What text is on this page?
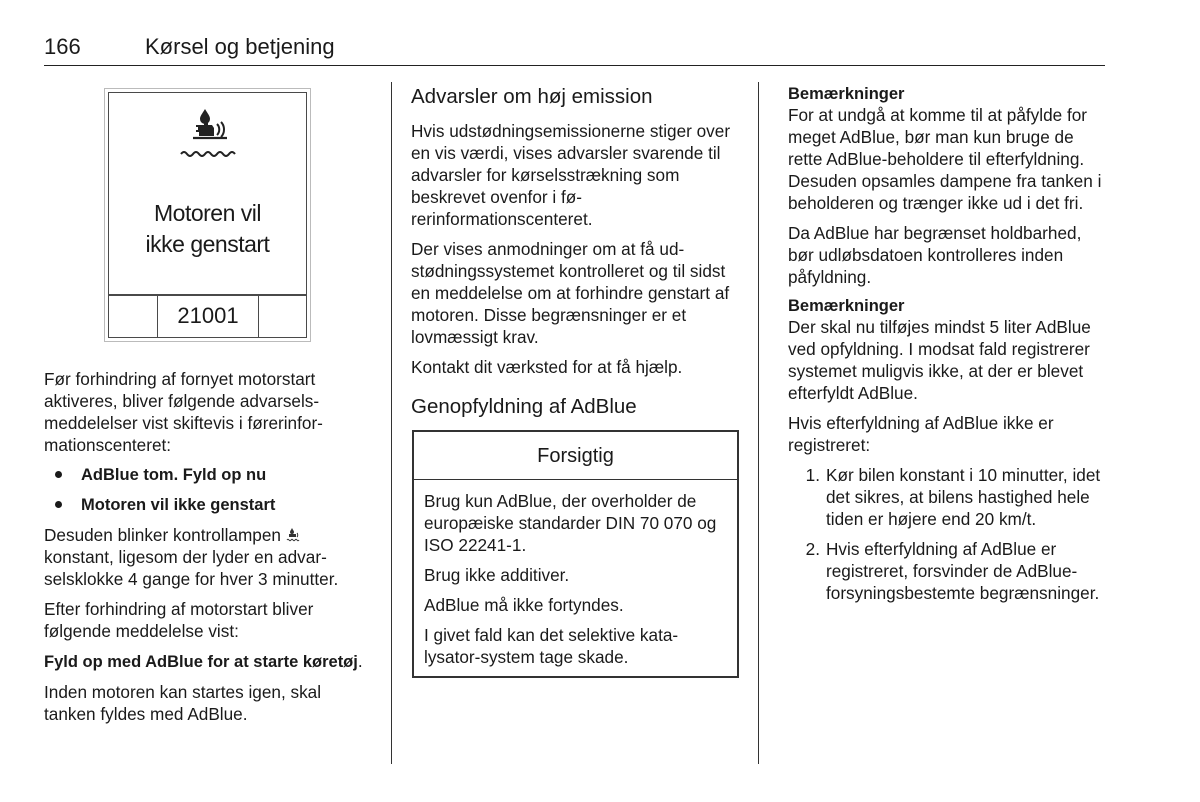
166	Kørsel og betjening
Motoren vil
ikke genstart
21001

Før forhindring af fornyet motorstart aktiveres, bliver følgende advarselsmeddelelser vist skiftevis i førerinformationscenteret:

AdBlue tom. Fyld op nu
Motoren vil ikke genstart

Desuden blinker kontrollampen  konstant, ligesom der lyder en advarselsklokke 4 gange for hver 3 minutter.

Efter forhindring af motorstart bliver følgende meddelelse vist:

Fyld op med AdBlue for at starte køretøj.

Inden motoren kan startes igen, skal tanken fyldes med AdBlue.

Advarsler om høj emission

Hvis udstødningsemissionerne stiger over en vis værdi, vises advarsler svarende til advarsler for kørselsstrækning som beskrevet ovenfor i førerinformationscenteret.

Der vises anmodninger om at få udstødningssystemet kontrolleret og til sidst en meddelelse om at forhindre genstart af motoren. Disse begrænsninger er et lovmæssigt krav.

Kontakt dit værksted for at få hjælp.

Genopfyldning af AdBlue
Forsigtig

Brug kun AdBlue, der overholder de europæiske standarder DIN 70 070 og ISO 22241-1.

Brug ikke additiver.

AdBlue må ikke fortyndes.

I givet fald kan det selektive katalysator-system tage skade.

Bemærkninger

For at undgå at komme til at påfylde for meget AdBlue, bør man kun bruge de rette AdBlue-beholdere til efterfyldning. Desuden opsamles dampene fra tanken i beholderen og trænger ikke ud i det fri.

Da AdBlue har begrænset holdbarhed, bør udløbsdatoen kontrolleres inden påfyldning.

Bemærkninger

Der skal nu tilføjes mindst 5 liter AdBlue ved opfyldning. I modsat fald registrerer systemet muligvis ikke, at der er blevet efterfyldt AdBlue.

Hvis efterfyldning af AdBlue ikke er registreret:

1. Kør bilen konstant i 10 minutter, idet det sikres, at bilens hastighed hele tiden er højere end 20 km/t.
2. Hvis efterfyldning af AdBlue er registreret, forsvinder de AdBlue-forsyningsbestemte begrænsninger.
